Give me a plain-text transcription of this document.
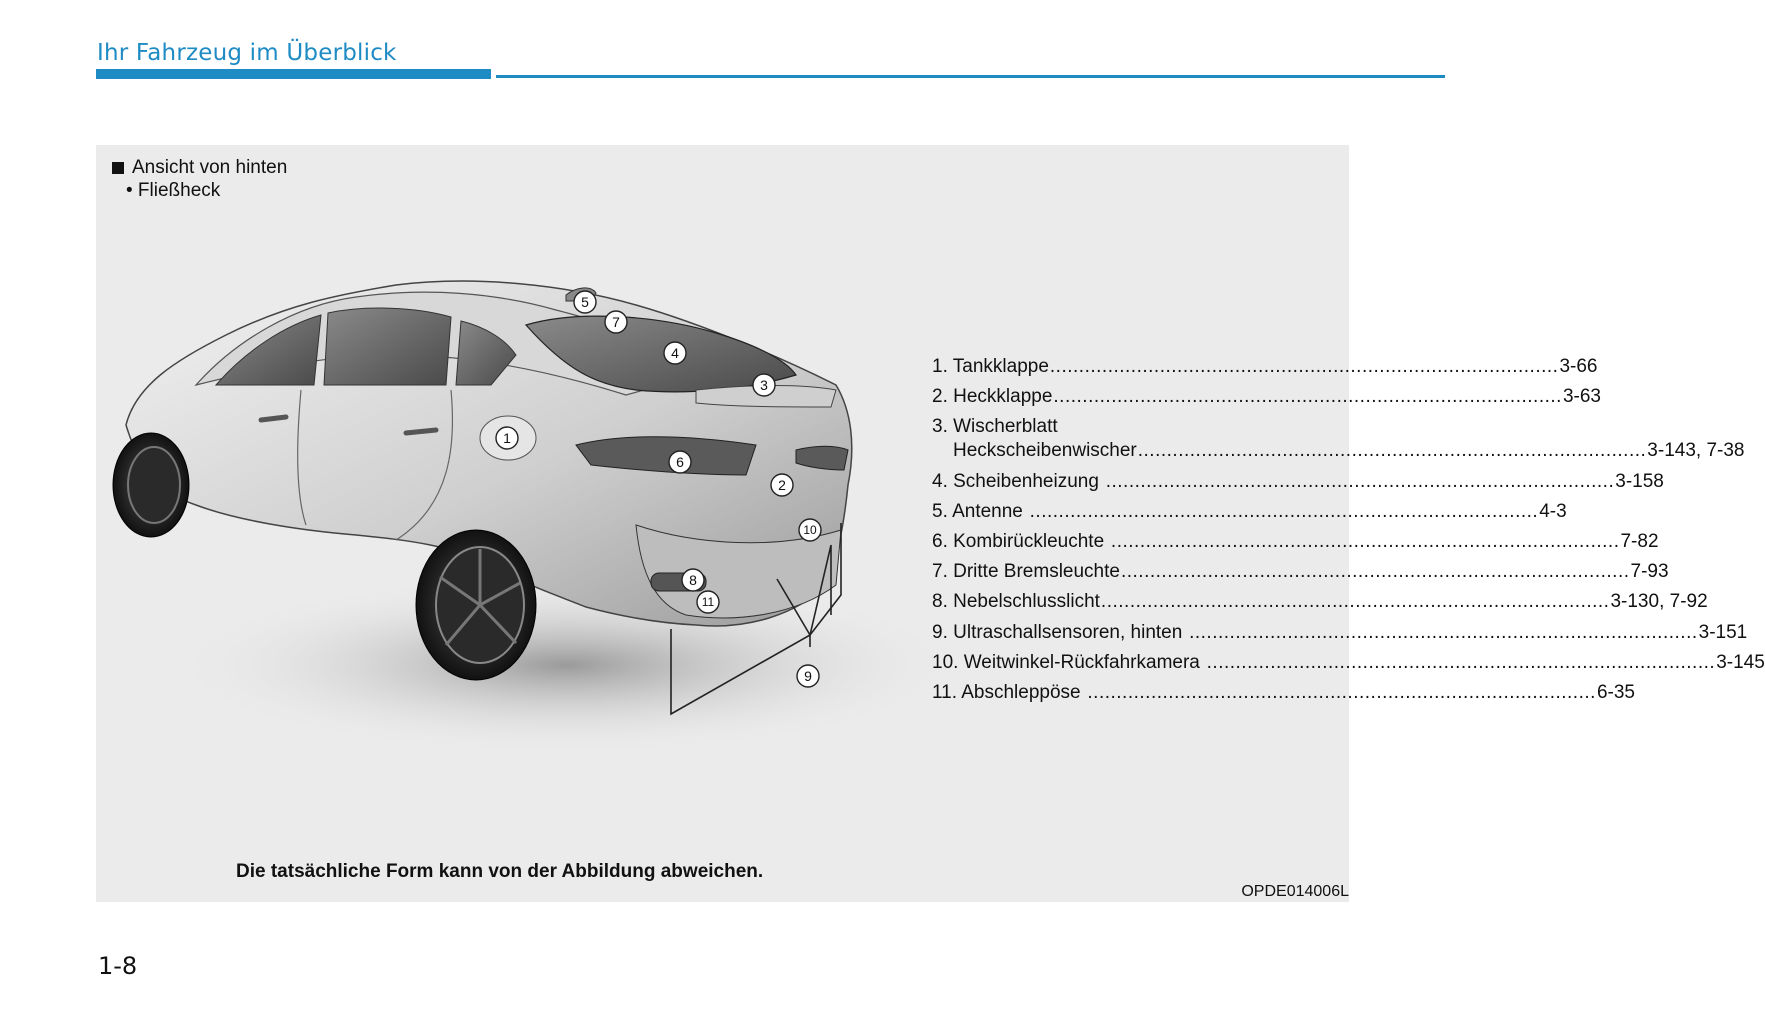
Ihr Fahrzeug im Überblick
Ansicht von hinten
• Fließheck
1
2
3
4
5
6
7
8
9
10
11
1. Tankklappe ........................................................................................ 3-66
2. Heckklappe ........................................................................................ 3-63
3. Wischerblatt
Heckscheibenwischer ........................................................................................ 3-143, 7-38
4. Scheibenheizung ........................................................................................ 3-158
5. Antenne ........................................................................................ 4-3
6. Kombirückleuchte ........................................................................................ 7-82
7. Dritte Bremsleuchte ........................................................................................ 7-93
8. Nebelschlusslicht ........................................................................................ 3-130, 7-92
9. Ultraschallsensoren, hinten ........................................................................................ 3-151
10. Weitwinkel-Rückfahrkamera ........................................................................................ 3-145
11. Abschleppöse ........................................................................................ 6-35
Die tatsächliche Form kann von der Abbildung abweichen.
OPDE014006L
1-8
